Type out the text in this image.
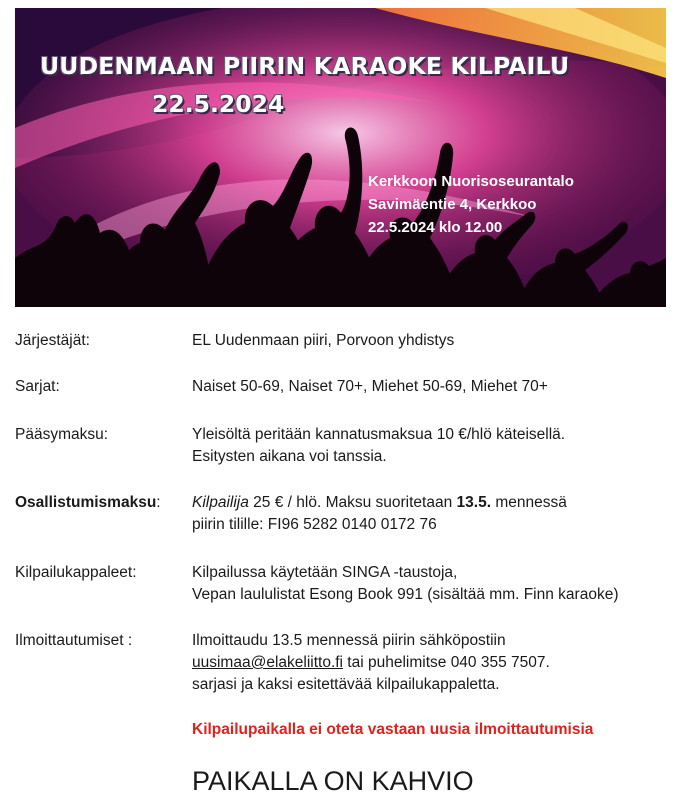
UUDENMAAN PIIRIN KARAOKE KILPAILU
22.5.2024
Kerkkoon Nuorisoseurantalo
Savimäentie 4, Kerkkoo
22.5.2024 klo 12.00
Järjestäjät:	EL Uudenmaan piiri, Porvoon yhdistys
Sarjat:	Naiset 50-69, Naiset 70+, Miehet 50-69, Miehet 70+
Pääsymaksu:	Yleisöltä peritään kannatusmaksua 10 €/hlö käteisellä.
Esitysten aikana voi tanssia.
Osallistumismaksu: Kilpailija 25 € / hlö. Maksu suoritetaan 13.5. mennessä
piirin tilille: FI96 5282 0140 0172 76
Kilpailukappaleet:	Kilpailussa käytetään SINGA -taustoja,
Vepan laululistat Esong Book 991 (sisältää mm. Finn karaoke)
Ilmoittautumiset :	Ilmoittaudu 13.5 mennessä piirin sähköpostiin
uusimaa@elakeliitto.fi tai puhelimitse 040 355 7507.
sarjasi ja kaksi esitettävää kilpailukappaletta.
Kilpailupaikalla ei oteta vastaan uusia ilmoittautumisia
PAIKALLA ON KAHVIO
